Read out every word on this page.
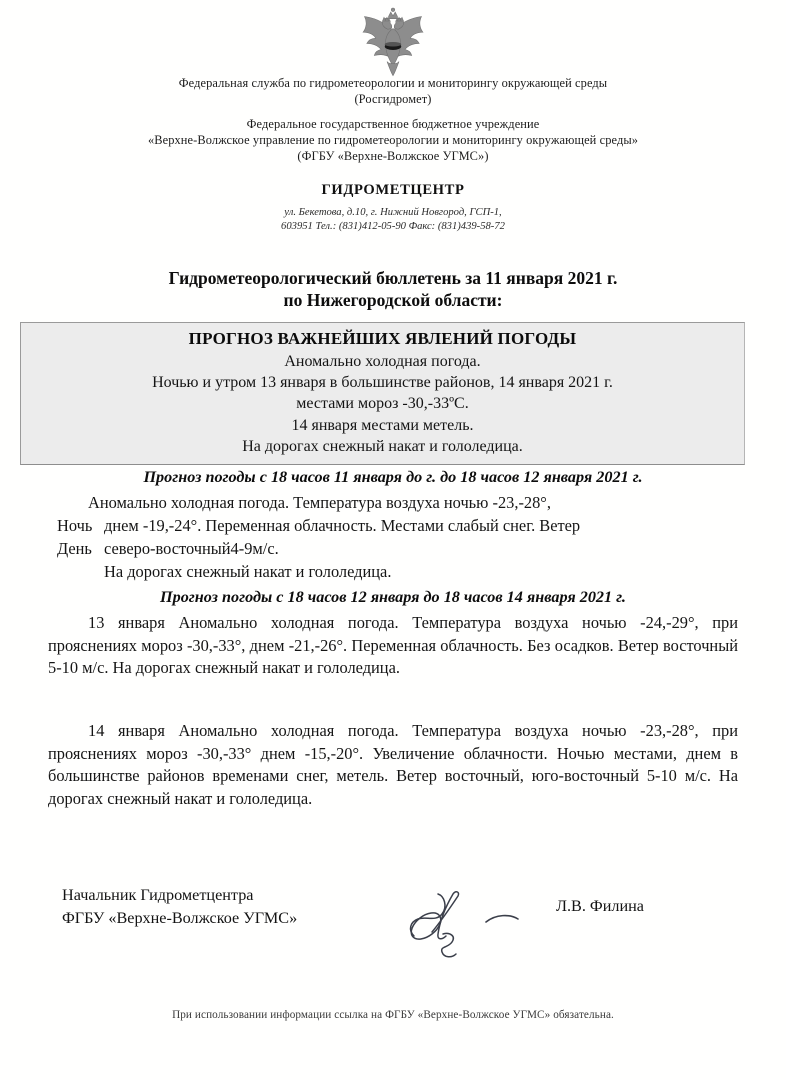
Федеральная служба по гидрометеорологии и мониторингу окружающей среды
(Росгидромет)
Федеральное государственное бюджетное учреждение
«Верхне-Волжское управление по гидрометеорологии и мониторингу окружающей среды»
(ФГБУ «Верхне-Волжское УГМС»)
ГИДРОМЕТЦЕНТР
ул. Бекетова, д.10, г. Нижний Новгород, ГСП-1,
603951 Тел.: (831)412-05-90 Факс: (831)439-58-72
Гидрометеорологический бюллетень за 11 января 2021 г.
по Нижегородской области:
ПРОГНОЗ ВАЖНЕЙШИХ ЯВЛЕНИЙ ПОГОДЫ
Аномально холодная погода.
Ночью и утром 13 января в большинстве районов, 14 января 2021 г.
местами мороз -30,-33ºС.
14 января местами метель.
На дорогах снежный накат и гололедица.
Прогноз погоды с 18 часов 11 января до г. до 18 часов 12 января 2021 г.
Аномально холодная погода. Температура воздуха ночью -23,-28°,
Ночь
День
днем -19,-24°. Переменная облачность. Местами слабый снег. Ветер
северо-восточный4-9м/с.
На дорогах снежный накат и гололедица.
Прогноз погоды с 18 часов 12 января до 18 часов 14 января 2021 г.
13 января Аномально холодная погода. Температура воздуха ночью -24,-29°, при прояснениях мороз -30,-33°, днем -21,-26°. Переменная облачность. Без осадков. Ветер восточный 5-10 м/с. На дорогах снежный накат и гололедица.
14 января Аномально холодная погода. Температура воздуха ночью -23,-28°, при прояснениях мороз -30,-33° днем -15,-20°. Увеличение облачности. Ночью местами, днем в большинстве районов временами снег, метель. Ветер восточный, юго-восточный 5-10 м/с. На дорогах снежный накат и гололедица.
Начальник Гидрометцентра
ФГБУ «Верхне-Волжское УГМС»
Л.В. Филина
При использовании информации ссылка на ФГБУ «Верхне-Волжское УГМС» обязательна.
